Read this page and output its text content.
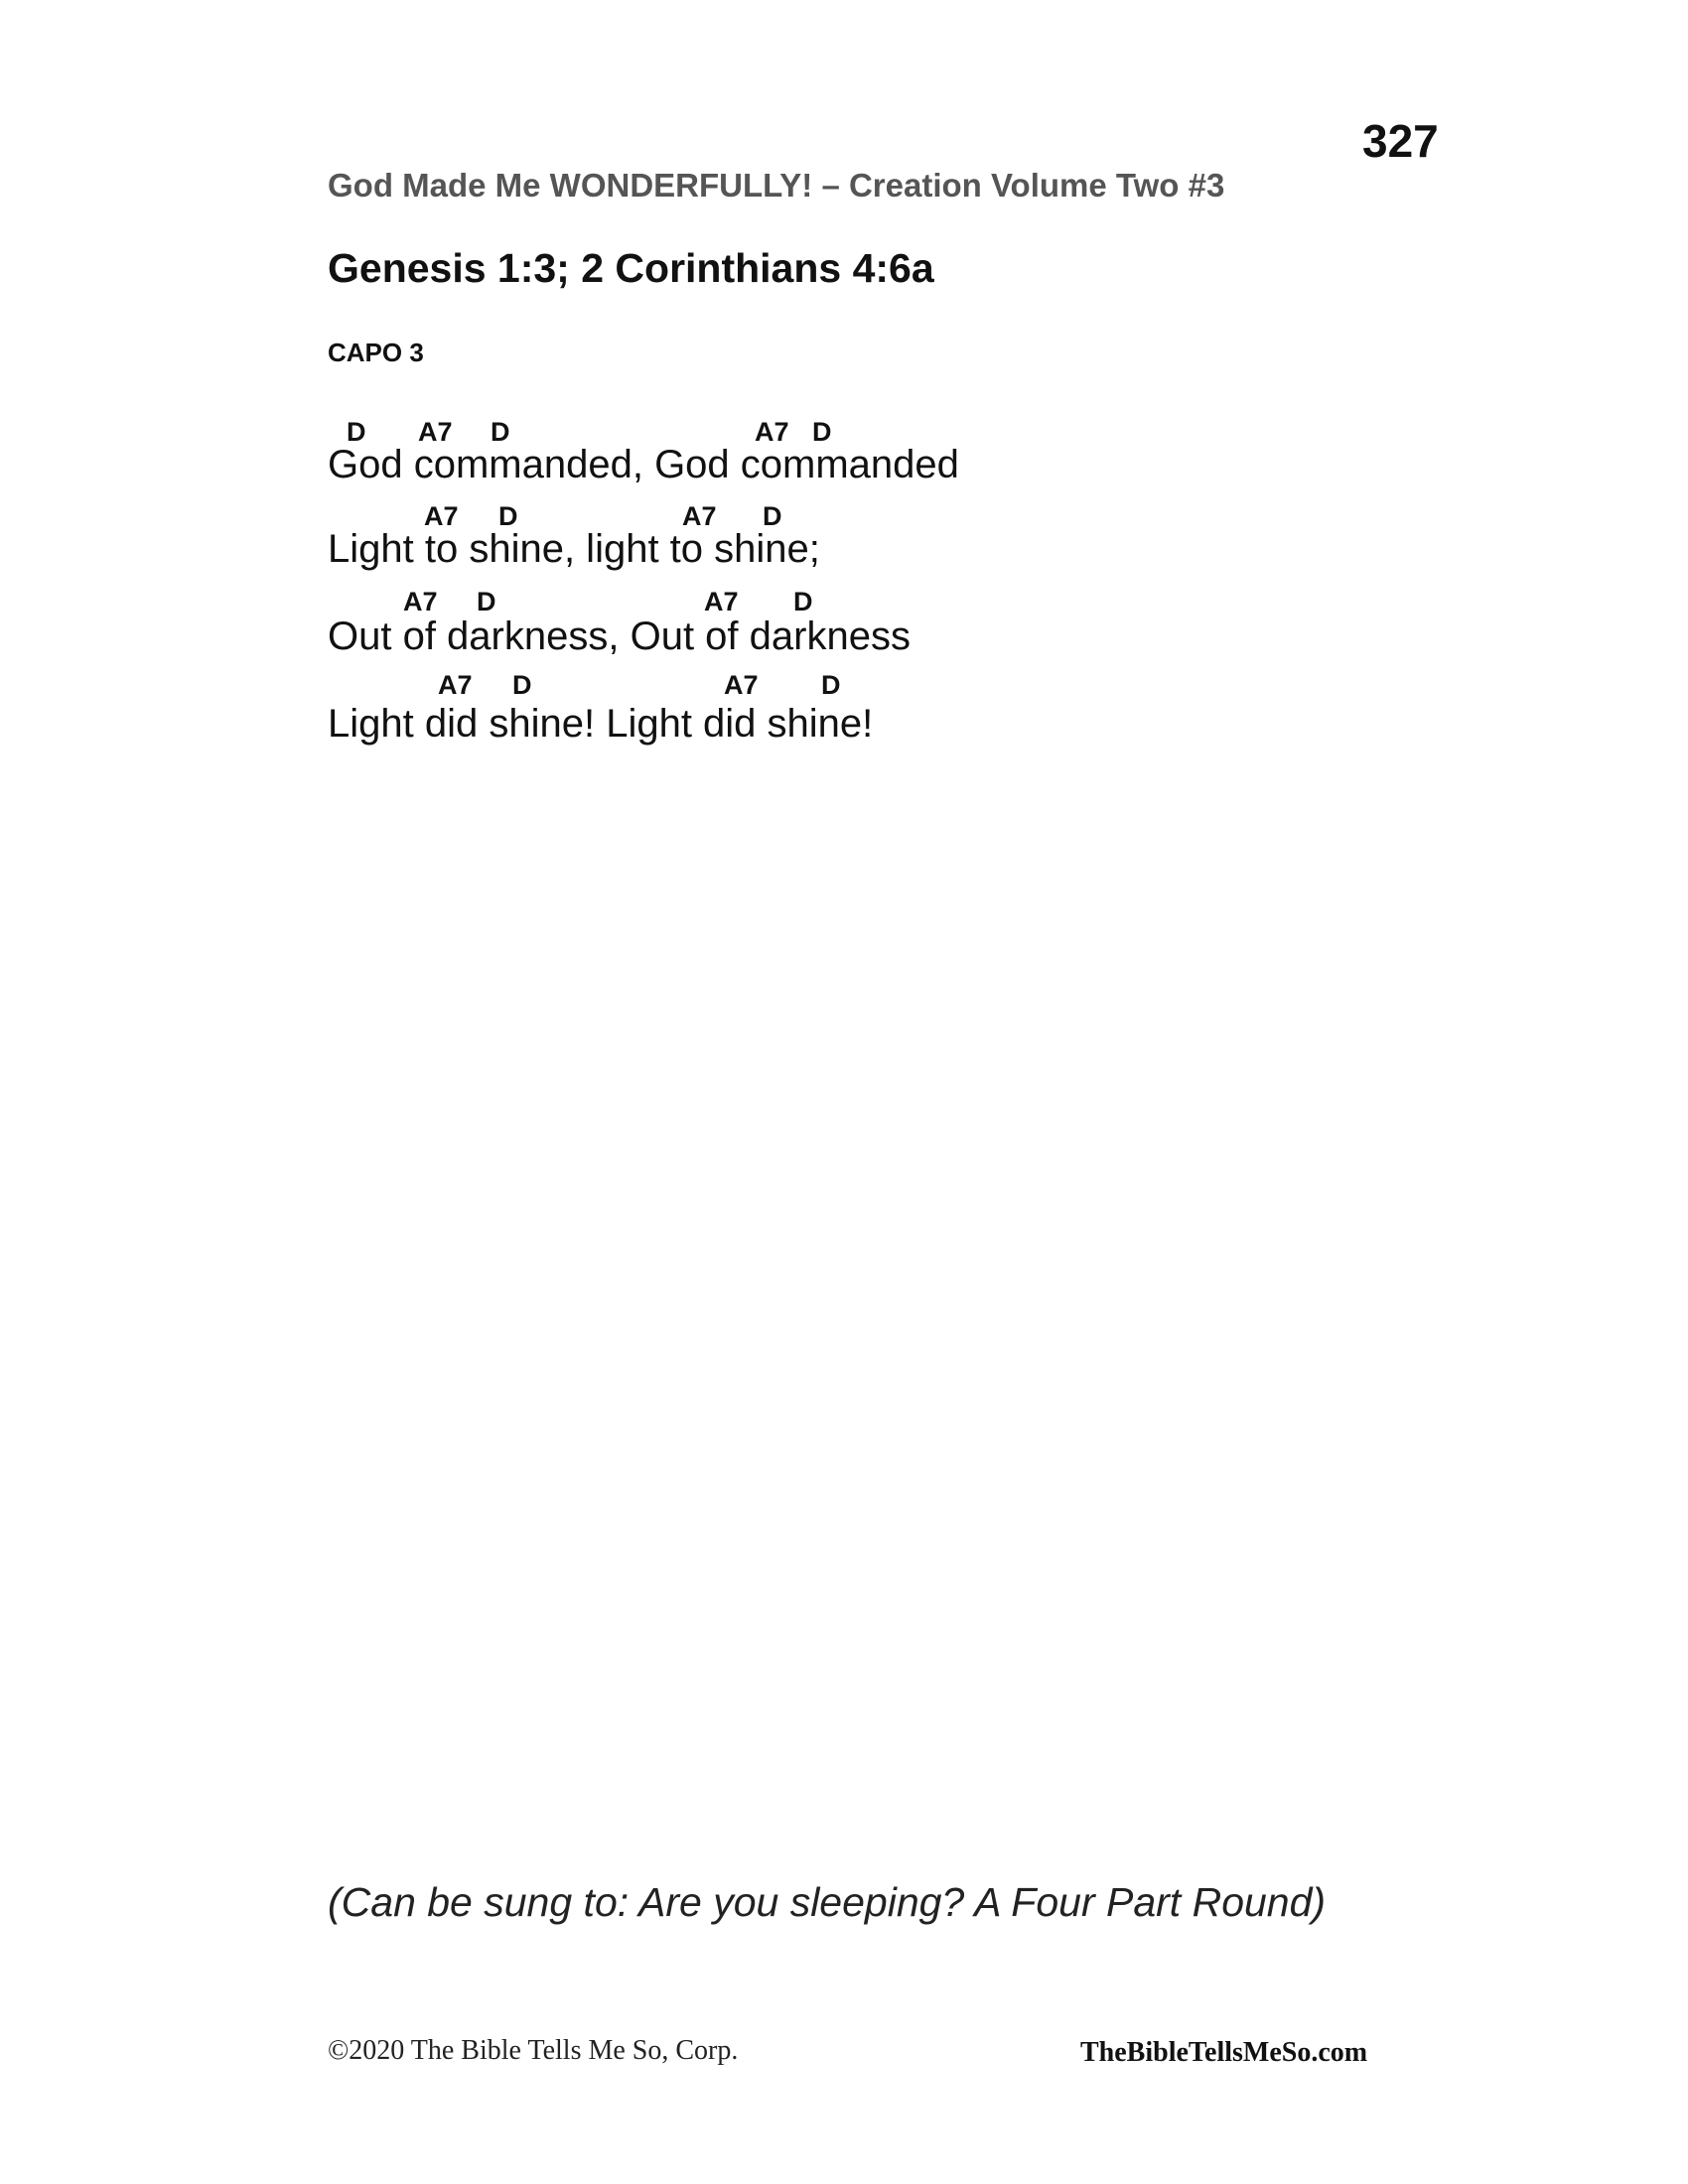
327
God Made Me WONDERFULLY! – Creation Volume Two #3
Genesis 1:3; 2 Corinthians 4:6a
CAPO 3
D A7 D	A7 D
God commanded, God commanded
A7 D	A7 D
Light to shine, light to shine;
A7 D	A7 D
Out of darkness, Out of darkness
A7 D	A7 D
Light did shine! Light did shine!
(Can be sung to: Are you sleeping? A Four Part Round)
©2020 The Bible Tells Me So, Corp.	TheBibleTellsMeSo.com
